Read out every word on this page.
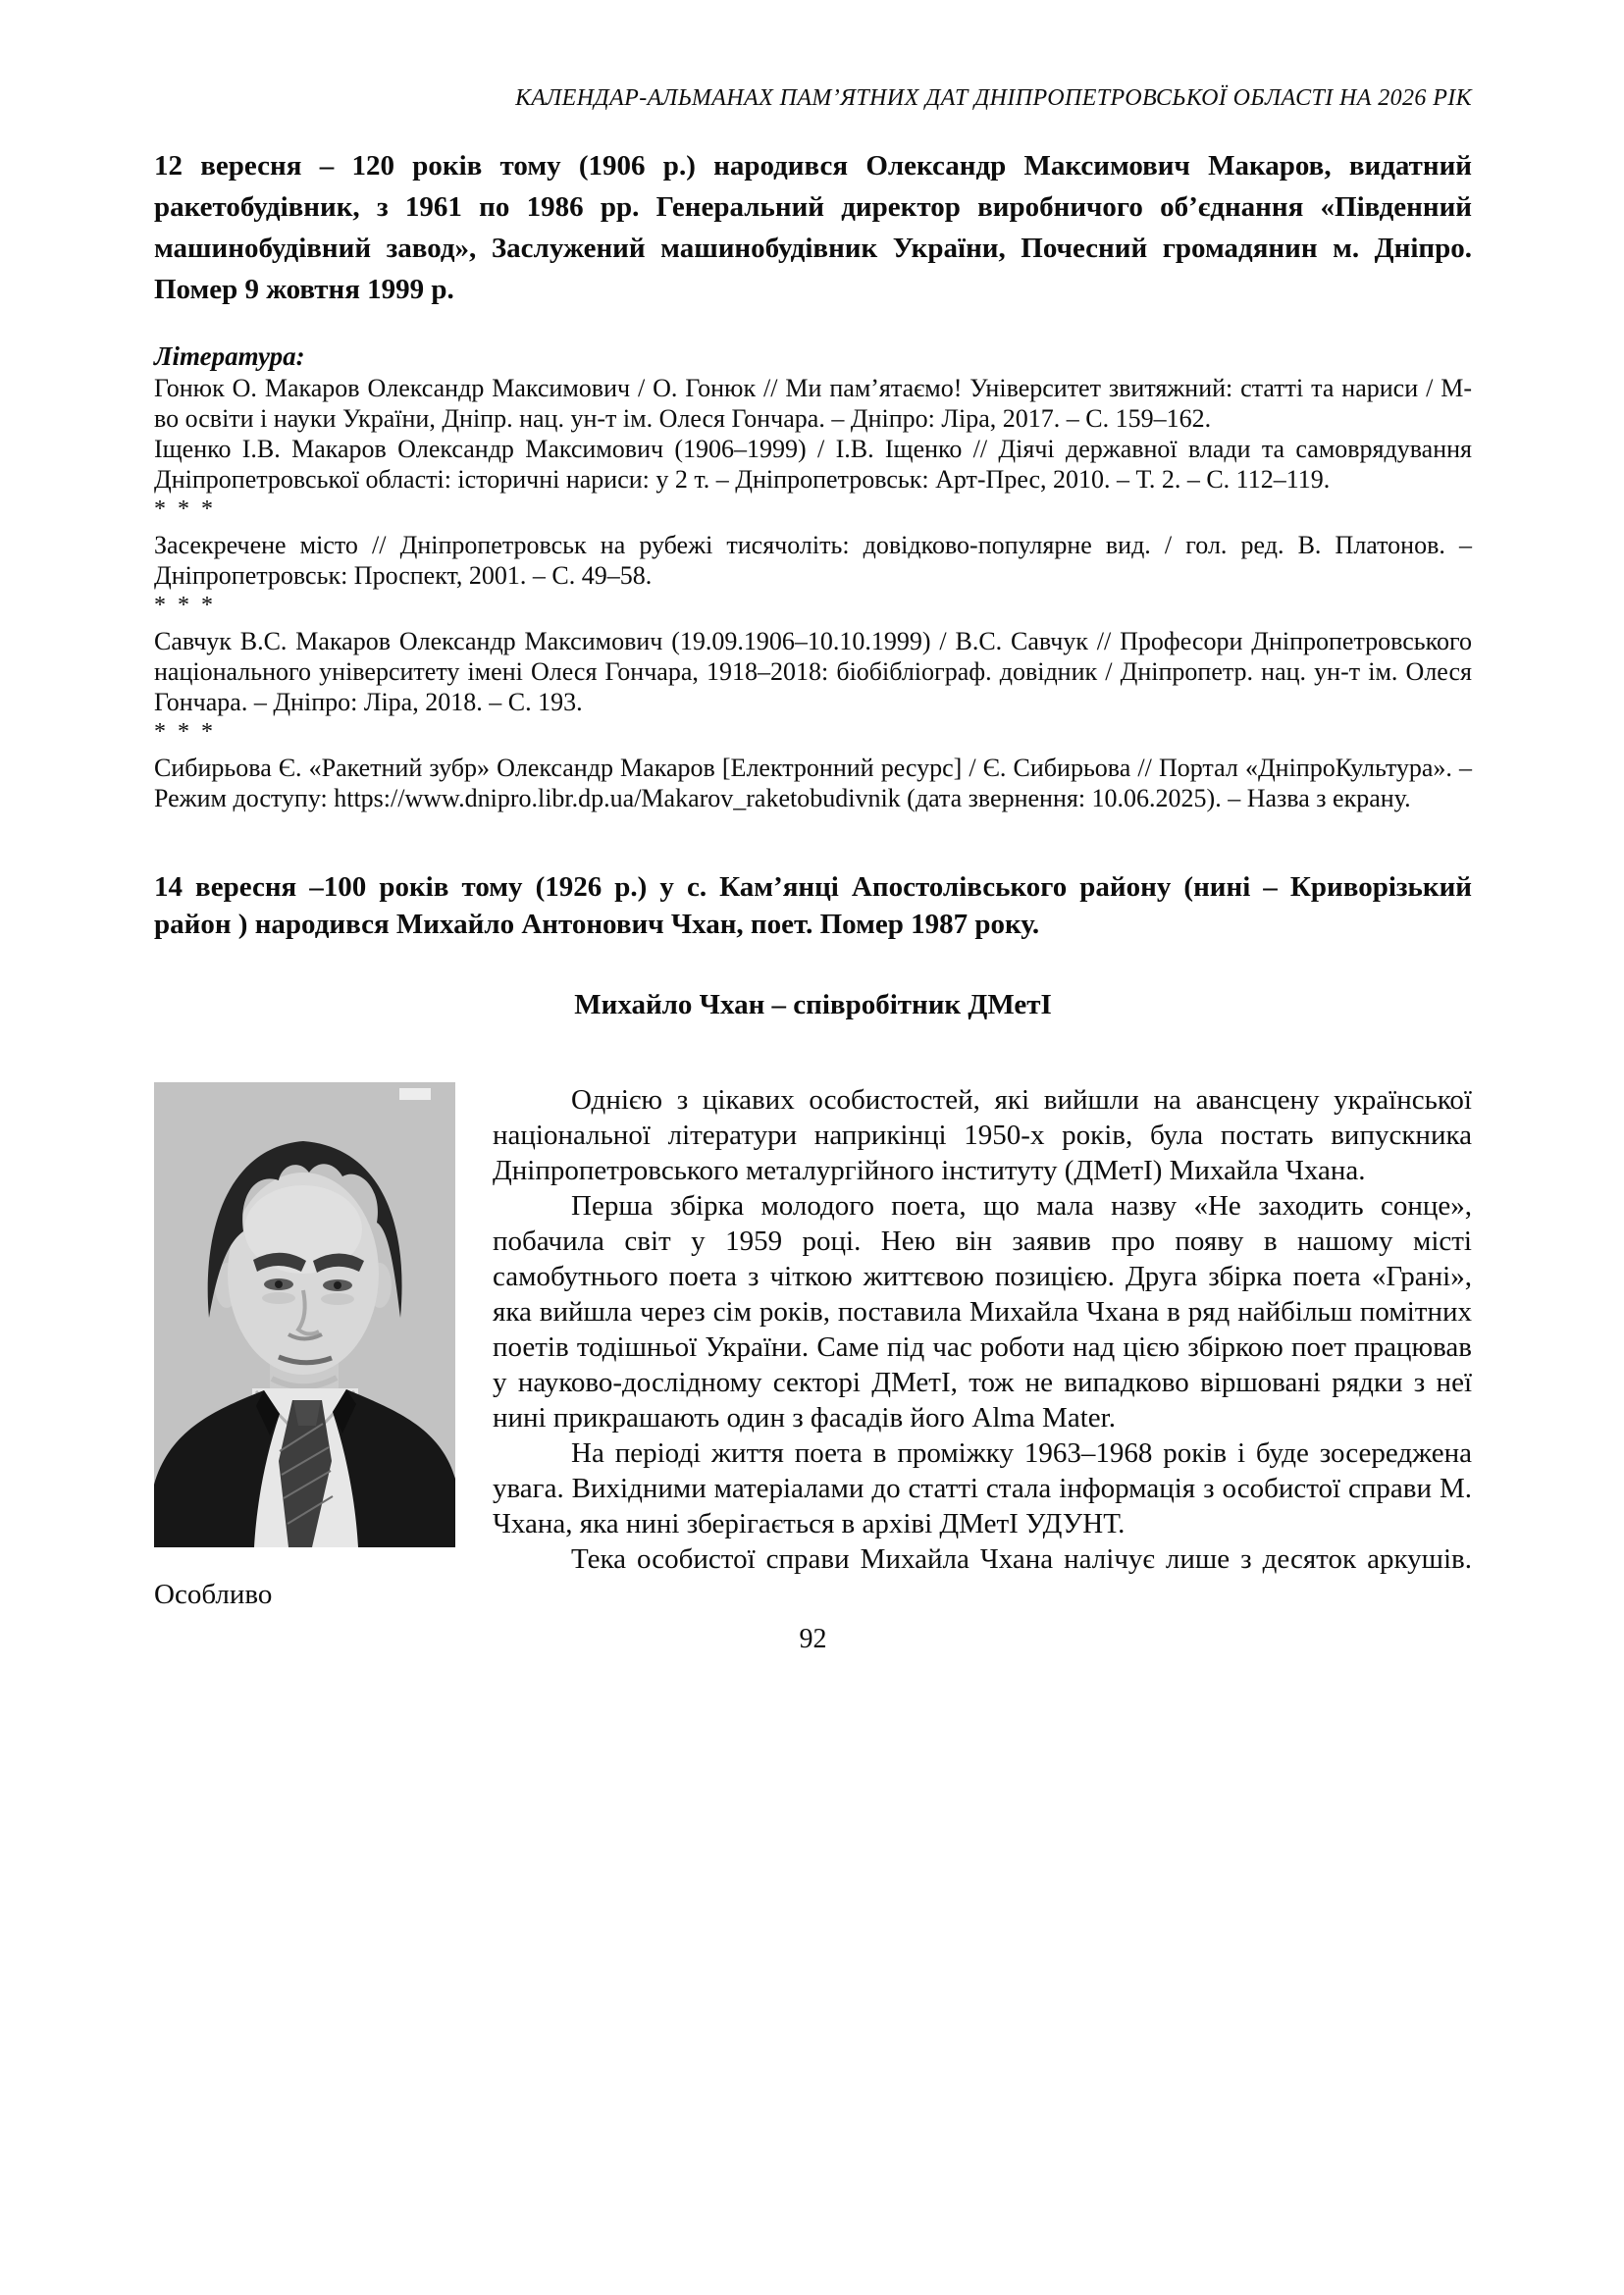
КАЛЕНДАР-АЛЬМАНАХ ПАМ’ЯТНИХ ДАТ ДНІПРОПЕТРОВСЬКОЇ ОБЛАСТІ НА 2026 РІК

12 вересня – 120 років тому (1906 р.) народився Олександр Максимович Макаров, видатний ракетобудівник, з 1961 по 1986 рр. Генеральний директор виробничого об’єднання «Південний машинобудівний завод», Заслужений машинобудівник України, Почесний громадянин м. Дніпро. Помер 9 жовтня 1999 р.

Література:

Гонюк О. Макаров Олександр Максимович / О. Гонюк // Ми пам’ятаємо! Університет звитяжний: статті та нариси / М-во освіти і науки України, Дніпр. нац. ун-т ім. Олеся Гончара. – Дніпро: Ліра, 2017. – С. 159–162.

Іщенко І.В. Макаров Олександр Максимович (1906–1999) / І.В. Іщенко // Діячі державної влади та самоврядування Дніпропетровської області: історичні нариси: у 2 т. – Дніпропетровськ: Арт-Прес, 2010. – Т. 2. – С. 112–119.

* * *

Засекречене місто // Дніпропетровськ на рубежі тисячоліть: довідково-популярне вид. / гол. ред. В. Платонов. – Дніпропетровськ: Проспект, 2001. – С. 49–58.

* * *

Савчук В.С. Макаров Олександр Максимович (19.09.1906–10.10.1999) / В.С. Савчук // Професори Дніпропетровського національного університету імені Олеся Гончара, 1918–2018: біобібліограф. довідник / Дніпропетр. нац. ун-т ім. Олеся Гончара. – Дніпро: Ліра, 2018. – С. 193.

* * *

Сибирьова Є. «Ракетний зубр» Олександр Макаров [Електронний ресурс] / Є. Сибирьова // Портал «ДніпроКультура». – Режим доступу: https://www.dnipro.libr.dp.ua/Makarov_raketobudivnik (дата звернення: 10.06.2025). – Назва з екрану.

14 вересня –100 років тому (1926 р.) у с. Кам’янці Апостолівського району (нині – Криворізький район ) народився Михайло Антонович Чхан, поет. Помер 1987 року.

Михайло Чхан – співробітник ДМетІ

Однією з цікавих особистостей, які вийшли на авансцену української національної літератури наприкінці 1950-х років, була постать випускника Дніпропетровського металургійного інституту (ДМетІ) Михайла Чхана.

Перша збірка молодого поета, що мала назву «Не заходить сонце», побачила світ у 1959 році. Нею він заявив про появу в нашому місті самобутнього поета з чіткою життєвою позицією. Друга збірка поета «Грані», яка вийшла через сім років, поставила Михайла Чхана в ряд найбільш помітних поетів тодішньої України. Саме під час роботи над цією збіркою поет працював у науково-дослідному секторі ДМетІ, тож не випадково віршовані рядки з неї нині прикрашають один з фасадів його Alma Mater.

На періоді життя поета в проміжку 1963–1968 років і буде зосереджена увага. Вихідними матеріалами до статті стала інформація з особистої справи М. Чхана, яка нині зберігається в архіві ДМетІ УДУНТ.

Тека особистої справи Михайла Чхана налічує лише з десяток аркушів. Особливо

92
